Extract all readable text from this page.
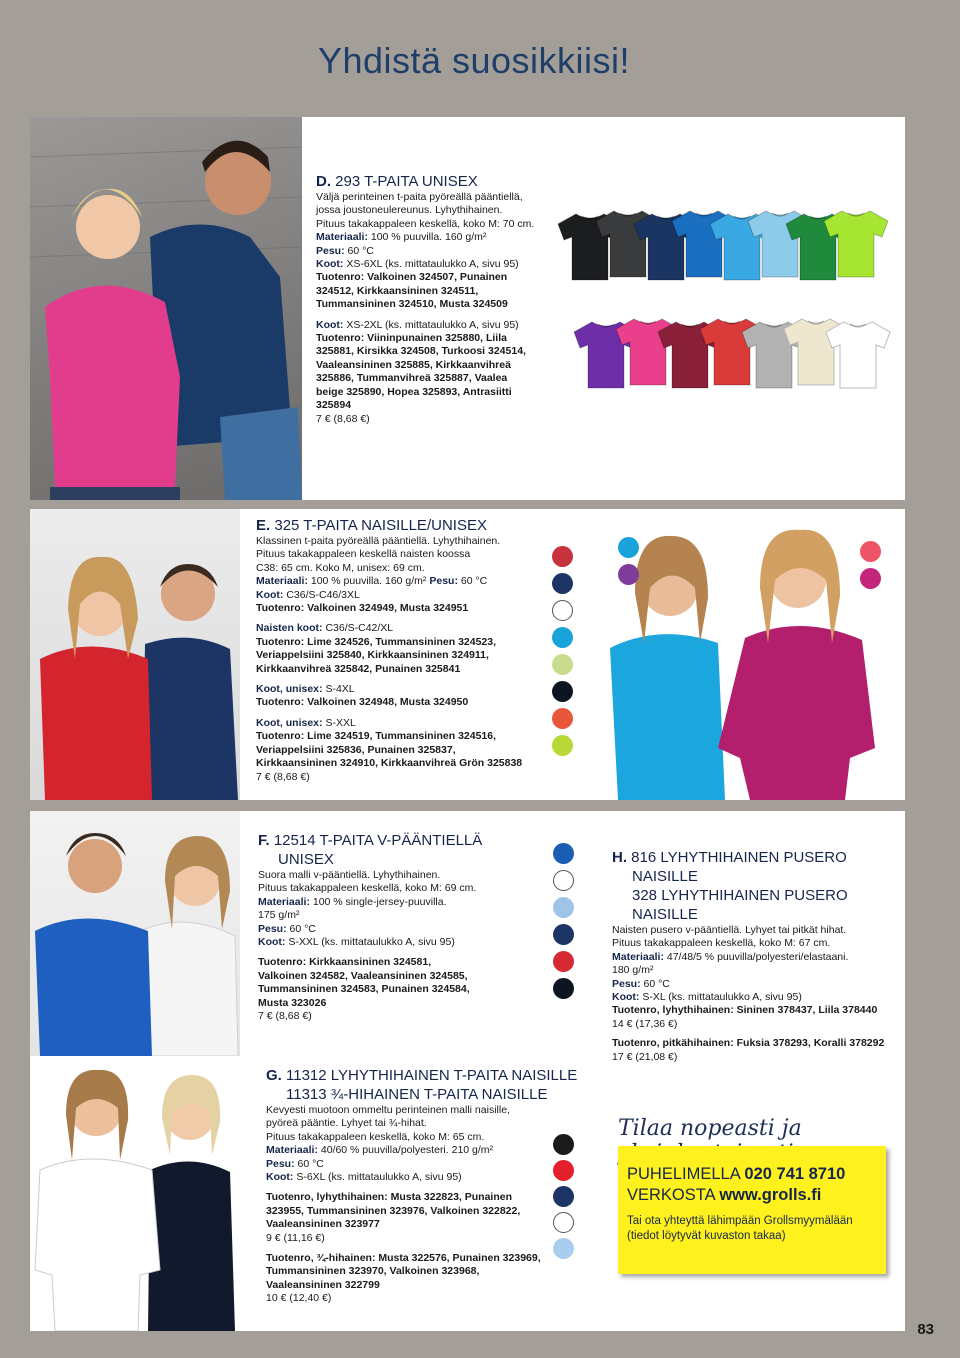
Yhdistä suosikkiisi!

D. 293 T-PAITA UNISEX

Väljä perinteinen t-paita pyöreällä pääntiellä,

jossa joustoneulereunus. Lyhythihainen.

Pituus takakappaleen keskellä, koko M: 70 cm.

Materiaali: 100 % puuvilla. 160 g/m²

Pesu: 60 °C

Koot: XS-6XL (ks. mittataulukko A, sivu 95)

Tuotenro: Valkoinen 324507, Punainen

324512, Kirkkaansininen 324511,

Tummansininen 324510, Musta 324509

Koot: XS-2XL (ks. mittataulukko A, sivu 95)

Tuotenro: Viininpunainen 325880, Liila

325881, Kirsikka 324508, Turkoosi 324514,

Vaaleansininen 325885, Kirkkaanvihreä

325886, Tummanvihreä 325887, Vaalea

beige 325890, Hopea 325893, Antrasiitti

325894

7 € (8,68 €)

E. 325 T-PAITA NAISILLE/UNISEX

Klassinen t-paita pyöreällä pääntiellä. Lyhythihainen.

Pituus takakappaleen keskellä naisten koossa

C38: 65 cm. Koko M, unisex: 69 cm.

Materiaali: 100 % puuvilla. 160 g/m² Pesu: 60 °C

Koot: C36/S-C46/3XL

Tuotenro: Valkoinen 324949, Musta 324951

Naisten koot: C36/S-C42/XL

Tuotenro: Lime 324526, Tummansininen 324523,

Veriappelsiini 325840, Kirkkaansininen 324911,

Kirkkaanvihreä 325842, Punainen 325841

Koot, unisex: S-4XL

Tuotenro: Valkoinen 324948, Musta 324950

Koot, unisex: S-XXL

Tuotenro: Lime 324519, Tummansininen 324516,

Veriappelsiini 325836, Punainen 325837,

Kirkkaansininen 324910, Kirkkaanvihreä Grön 325838

7 € (8,68 €)

F. 12514 T-PAITA V-PÄÄNTIELLÄ

UNISEX

Suora malli v-pääntiellä. Lyhythihainen.

Pituus takakappaleen keskellä, koko M: 69 cm.

Materiaali: 100 % single-jersey-puuvilla.

175 g/m²

Pesu: 60 °C

Koot: S-XXL (ks. mittataulukko A, sivu 95)

Tuotenro: Kirkkaansininen 324581,

Valkoinen 324582, Vaaleansininen 324585,

Tummansininen 324583, Punainen 324584,

Musta 323026

7 € (8,68 €)

G. 11312 LYHYTHIHAINEN T-PAITA NAISILLE

11313 ¾-HIHAINEN T-PAITA NAISILLE

Kevyesti muotoon ommeltu perinteinen malli naisille,

pyöreä pääntie. Lyhyet tai ¾-hihat.

Pituus takakappaleen keskellä, koko M: 65 cm.

Materiaali: 40/60 % puuvilla/polyesteri. 210 g/m²

Pesu: 60 °C

Koot: S-6XL (ks. mittataulukko A, sivu 95)

Tuotenro, lyhythihainen: Musta 322823, Punainen

323955, Tummansininen 323976, Valkoinen 322822,

Vaaleansininen 323977

9 € (11,16 €)

Tuotenro, ¾-hihainen: Musta 322576, Punainen 323969,

Tummansininen 323970, Valkoinen 323968,

Vaaleansininen 322799

10 € (12,40 €)

H. 816 LYHYTHIHAINEN PUSERO

NAISILLE

328 LYHYTHIHAINEN PUSERO

NAISILLE

Naisten pusero v-pääntiellä. Lyhyet tai pitkät hihat.

Pituus takakappaleen keskellä, koko M: 67 cm.

Materiaali: 47/48/5 % puuvilla/polyesteri/elastaani.

180 g/m²

Pesu: 60 °C

Koot: S-XL (ks. mittataulukko A, sivu 95)

Tuotenro, lyhythihainen: Sininen 378437, Liila 378440

14 € (17,36 €)

Tuotenro, pitkähihainen: Fuksia 378293, Koralli 378292

17 € (21,08 €)

Tilaa nopeasti ja

PUHELIMELLA 020 741 8710

VERKOSTA www.grolls.fi

Tai ota yhteyttä lähimpään Grollsmyymälään

(tiedot löytyvät kuvaston takaa)

83
